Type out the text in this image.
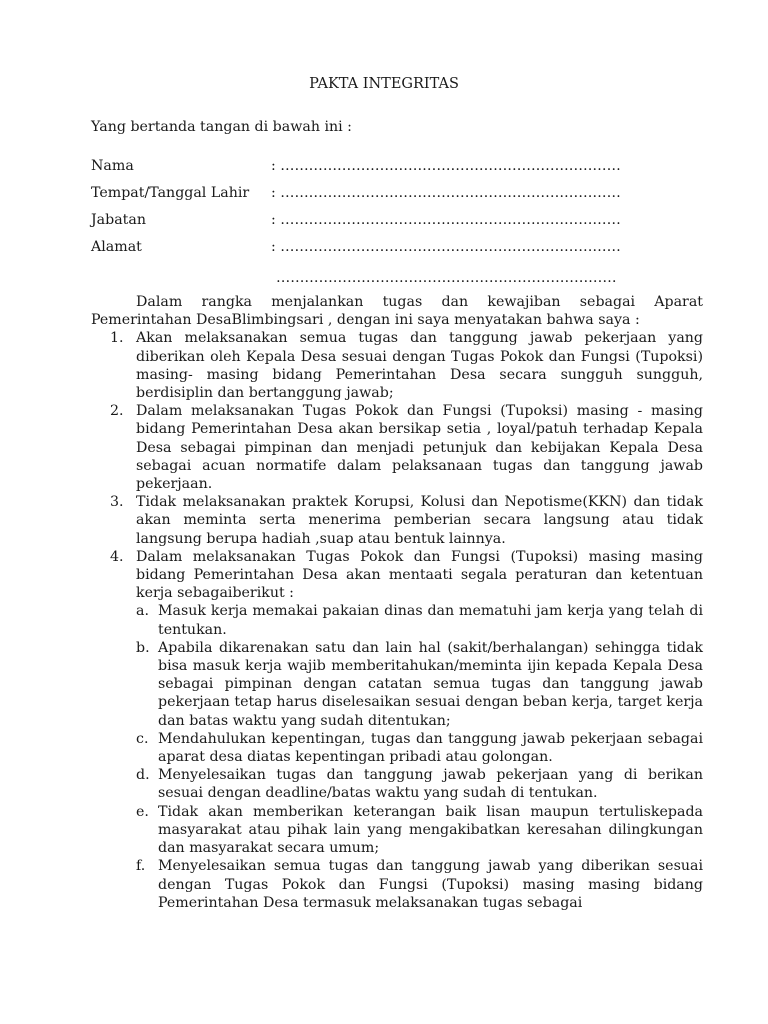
PAKTA INTEGRITAS
Yang bertanda tangan di bawah ini :
Nama	: ………………………………………………………………
Tempat/Tanggal Lahir : ………………………………………………………………
Jabatan	: ………………………………………………………………
Alamat	: ………………………………………………………………
………………………………………………………………

Dalam rangka menjalankan tugas dan kewajiban sebagai Aparat Pemerintahan DesaBlimbingsari , dengan ini saya menyatakan bahwa saya :

1. Akan melaksanakan semua tugas dan tanggung jawab pekerjaan yang diberikan oleh Kepala Desa sesuai dengan Tugas Pokok dan Fungsi (Tupoksi) masing- masing bidang Pemerintahan Desa secara sungguh sungguh, berdisiplin dan bertanggung jawab;
2. Dalam melaksanakan Tugas Pokok dan Fungsi (Tupoksi) masing - masing bidang Pemerintahan Desa akan bersikap setia , loyal/patuh terhadap Kepala Desa sebagai pimpinan dan menjadi petunjuk dan kebijakan Kepala Desa sebagai acuan normatife dalam pelaksanaan tugas dan tanggung jawab pekerjaan.
3. Tidak melaksanakan praktek Korupsi, Kolusi dan Nepotisme(KKN) dan tidak akan meminta serta menerima pemberian secara langsung atau tidak langsung berupa hadiah ,suap atau bentuk lainnya.
4. Dalam melaksanakan Tugas Pokok dan Fungsi (Tupoksi) masing masing bidang Pemerintahan Desa akan mentaati segala peraturan dan ketentuan kerja sebagaiberikut :
a. Masuk kerja memakai pakaian dinas dan mematuhi jam kerja yang telah di tentukan.
b. Apabila dikarenakan satu dan lain hal (sakit/berhalangan) sehingga tidak bisa masuk kerja wajib memberitahukan/meminta ijin kepada Kepala Desa sebagai pimpinan dengan catatan semua tugas dan tanggung jawab pekerjaan tetap harus diselesaikan sesuai dengan beban kerja, target kerja dan batas waktu yang sudah ditentukan;
c. Mendahulukan kepentingan, tugas dan tanggung jawab pekerjaan sebagai aparat desa diatas kepentingan pribadi atau golongan.
d. Menyelesaikan tugas dan tanggung jawab pekerjaan yang di berikan sesuai dengan deadline/batas waktu yang sudah di tentukan.
e. Tidak akan memberikan keterangan baik lisan maupun tertuliskepada masyarakat atau pihak lain yang mengakibatkan keresahan dilingkungan dan masyarakat secara umum;
f. Menyelesaikan semua tugas dan tanggung jawab yang diberikan sesuai dengan Tugas Pokok dan Fungsi (Tupoksi) masing masing bidang Pemerintahan Desa termasuk melaksanakan tugas sebagai
